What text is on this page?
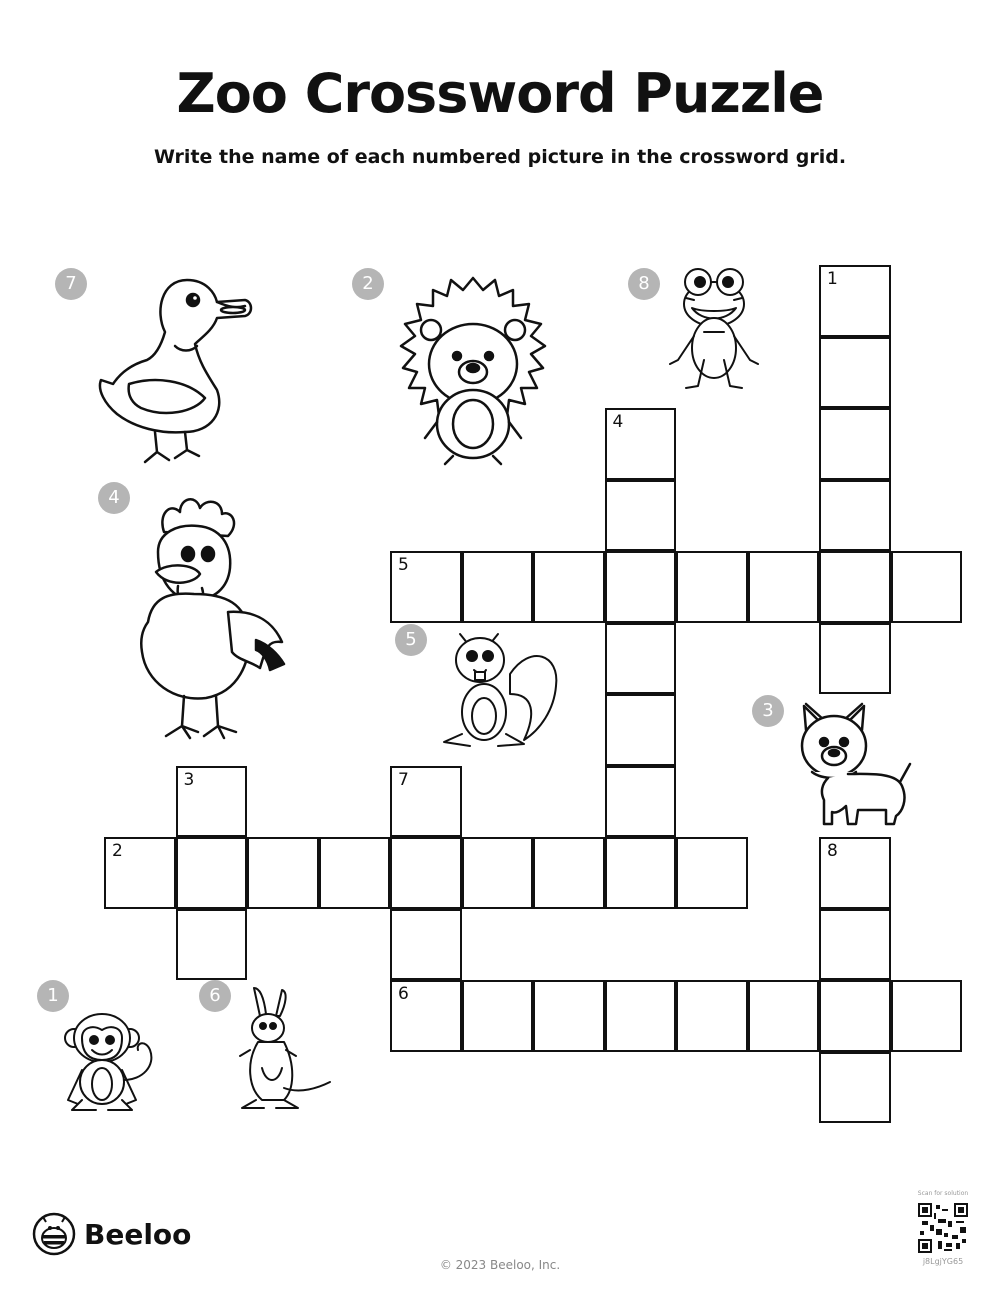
Zoo Crossword Puzzle
Write the name of each numbered picture in the crossword grid.
5
2
6
1
4
3	7
8
7	2	8
4
5
3
1	6
Beeloo
© 2023 Beeloo, Inc.
Scan for solution
j8LgjYG65
